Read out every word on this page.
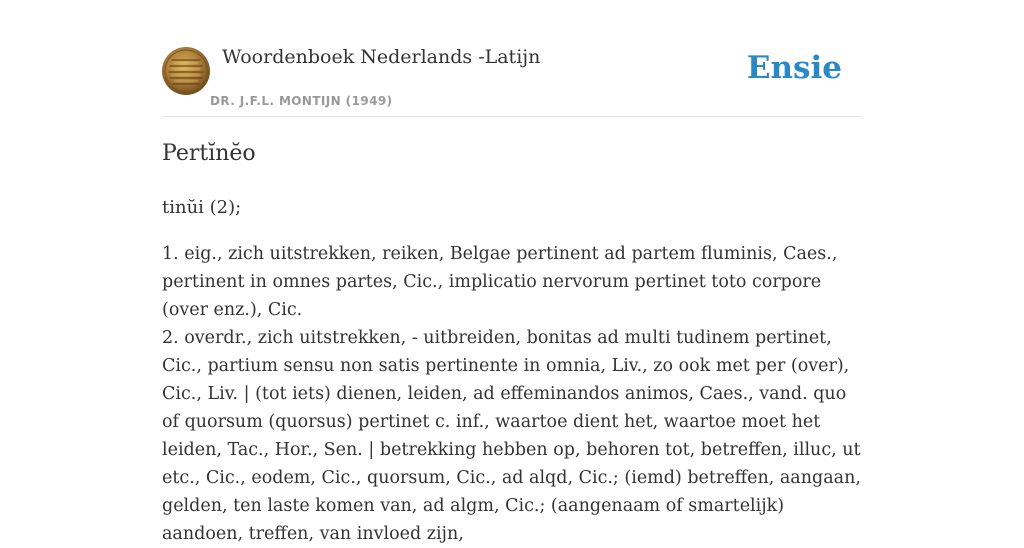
Woordenboek Nederlands -Latijn
DR. J.F.L. MONTIJN (1949)
Ensie
Pertĭnĕo

tinŭi (2);

1. eig., zich uitstrekken, reiken, Belgae pertinent ad partem fluminis, Caes., pertinent in omnes partes, Cic., implicatio nervorum pertinet toto corpore (over enz.), Cic.
2. overdr., zich uitstrekken, - uitbreiden, bonitas ad multi tudinem pertinet, Cic., partium sensu non satis pertinente in omnia, Liv., zo ook met per (over), Cic., Liv. | (tot iets) dienen, leiden, ad effeminandos animos, Caes., vand. quo of quorsum (quorsus) pertinet c. inf., waartoe dient het, waartoe moet het leiden, Tac., Hor., Sen. | betrekking hebben op, behoren tot, betreffen, illuc, ut etc., Cic., eodem, Cic., quorsum, Cic., ad alqd, Cic.; (iemd) betreffen, aangaan, gelden, ten laste komen van, ad algm, Cic.; (aangenaam of smartelijk) aandoen, treffen, van invloed zijn,
